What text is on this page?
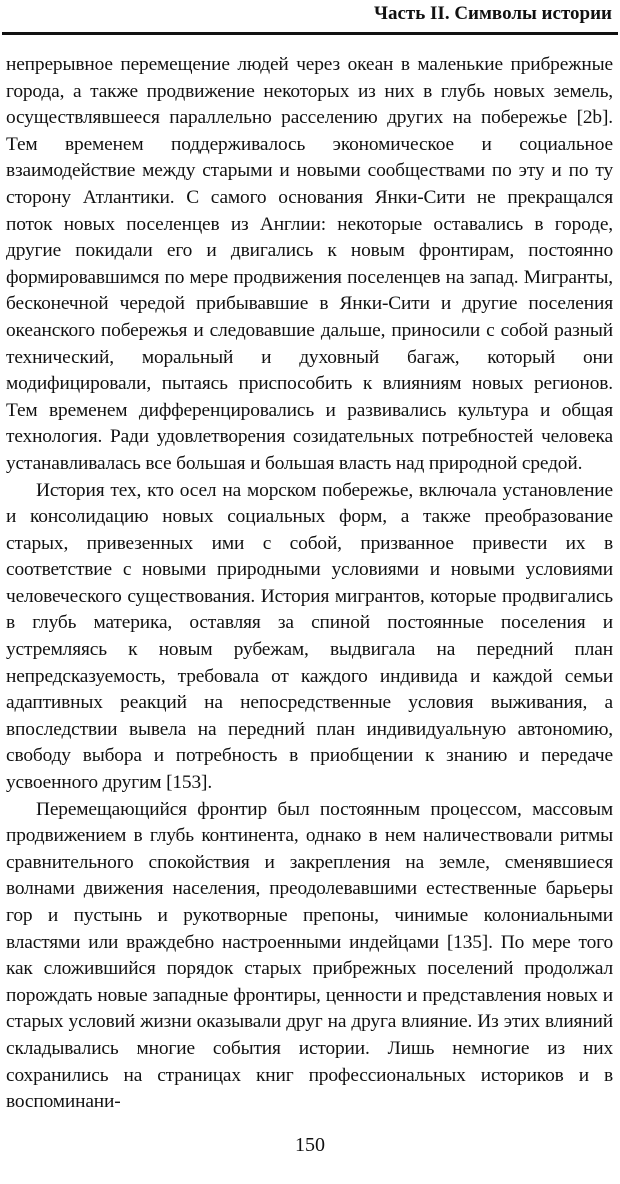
Часть II. Символы истории

непрерывное перемещение людей через океан в маленькие прибрежные города, а также продвижение некоторых из них в глубь новых земель, осуществлявшееся параллельно расселению других на побережье [2b]. Тем временем поддерживалось экономическое и социальное взаимодействие между старыми и новыми сообществами по эту и по ту сторону Атлантики. С самого основания Янки-Сити не прекращался поток новых поселенцев из Англии: некоторые оставались в городе, другие покидали его и двигались к новым фронтирам, постоянно формировавшимся по мере продвижения поселенцев на запад. Мигранты, бесконечной чередой прибывавшие в Янки-Сити и другие поселения океанского побережья и следовавшие дальше, приносили с собой разный технический, моральный и духовный багаж, который они модифицировали, пытаясь приспособить к влияниям новых регионов. Тем временем дифференцировались и развивались культура и общая технология. Ради удовлетворения созидательных потребностей человека устанавливалась все большая и большая власть над природной средой.

История тех, кто осел на морском побережье, включала установление и консолидацию новых социальных форм, а также преобразование старых, привезенных ими с собой, призванное привести их в соответствие с новыми природными условиями и новыми условиями человеческого существования. История мигрантов, которые продвигались в глубь материка, оставляя за спиной постоянные поселения и устремляясь к новым рубежам, выдвигала на передний план непредсказуемость, требовала от каждого индивида и каждой семьи адаптивных реакций на непосредственные условия выживания, а впоследствии вывела на передний план индивидуальную автономию, свободу выбора и потребность в приобщении к знанию и передаче усвоенного другим [153].

Перемещающийся фронтир был постоянным процессом, массовым продвижением в глубь континента, однако в нем наличествовали ритмы сравнительного спокойствия и закрепления на земле, сменявшиеся волнами движения населения, преодолевавшими естественные барьеры гор и пустынь и рукотворные препоны, чинимые колониальными властями или враждебно настроенными индейцами [135]. По мере того как сложившийся порядок старых прибрежных поселений продолжал порождать новые западные фронтиры, ценности и представления новых и старых условий жизни оказывали друг на друга влияние. Из этих влияний складывались многие события истории. Лишь немногие из них сохранились на страницах книг профессиональных историков и в воспоминани-

150
